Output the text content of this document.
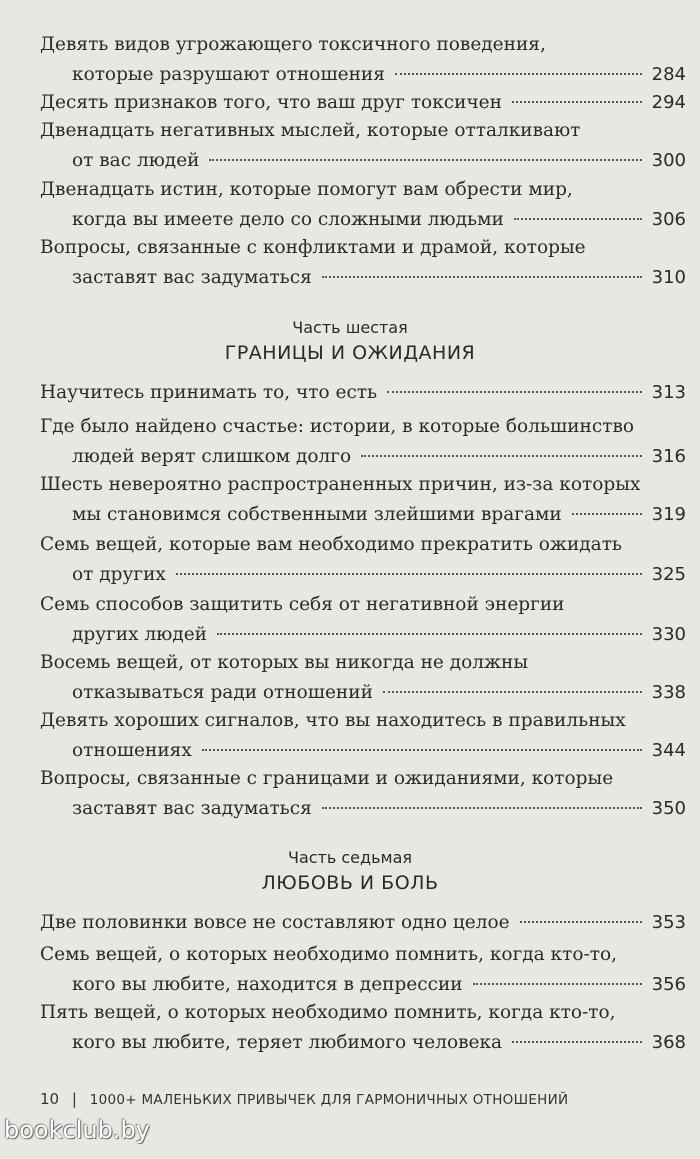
Девять видов угрожающего токсичного поведения,
которые разрушают отношения	284
Десять признаков того, что ваш друг токсичен	294
Двенадцать негативных мыслей, которые отталкивают
от вас людей	300
Двенадцать истин, которые помогут вам обрести мир,
когда вы имеете дело со сложными людьми	306
Вопросы, связанные с конфликтами и драмой, которые
заставят вас задуматься	310
Часть шестая
ГРАНИЦЫ И ОЖИДАНИЯ
Научитесь принимать то, что есть	313
Где было найдено счастье: истории, в которые большинство
людей верят слишком долго	316
Шесть невероятно распространенных причин, из-за которых
мы становимся собственными злейшими врагами	319
Семь вещей, которые вам необходимо прекратить ожидать
от других	325
Семь способов защитить себя от негативной энергии
других людей	330
Восемь вещей, от которых вы никогда не должны
отказываться ради отношений	338
Девять хороших сигналов, что вы находитесь в правильных
отношениях	344
Вопросы, связанные с границами и ожиданиями, которые
заставят вас задуматься	350
Часть седьмая
ЛЮБОВЬ И БОЛЬ
Две половинки вовсе не составляют одно целое	353
Семь вещей, о которых необходимо помнить, когда кто-то,
кого вы любите, находится в депрессии	356
Пять вещей, о которых необходимо помнить, когда кто-то,
кого вы любите, теряет любимого человека	368
10 | 1000+ МАЛЕНЬКИХ ПРИВЫЧЕК ДЛЯ ГАРМОНИЧНЫХ ОТНОШЕНИЙ
bookclub.by
